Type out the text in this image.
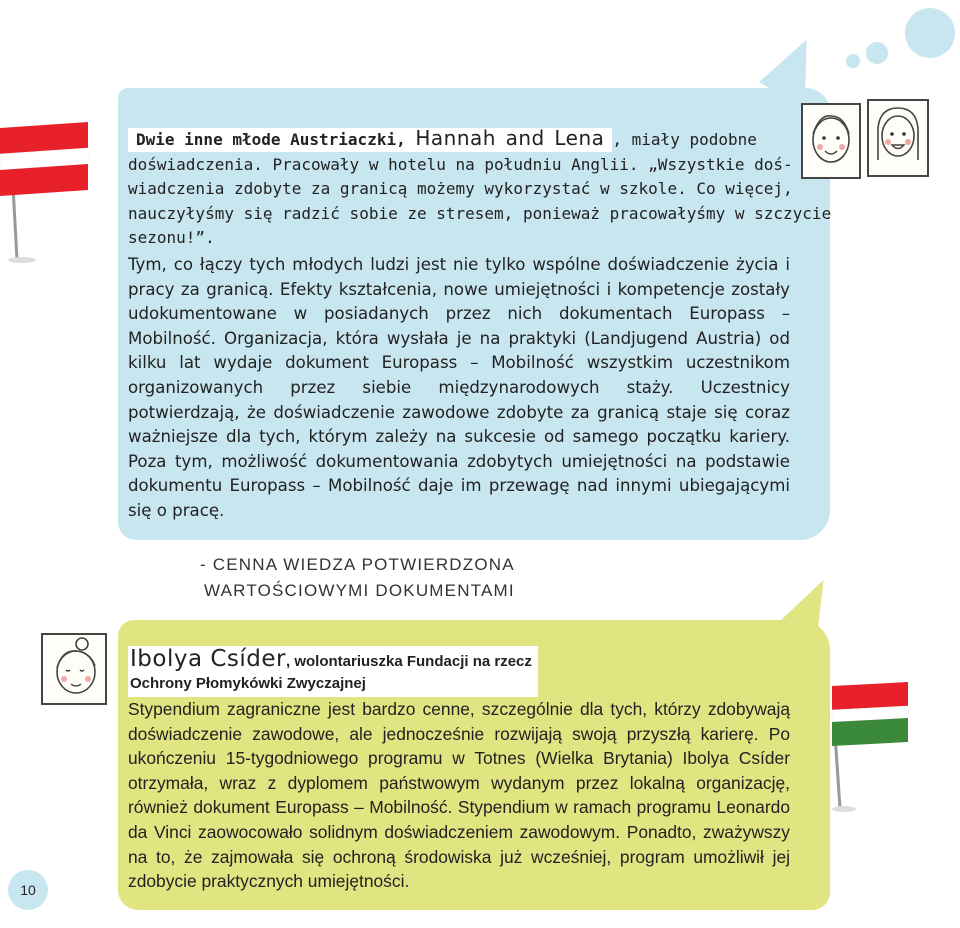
Dwie inne młode Austriaczki, Hannah and Lena , miały podobne
doświadczenia. Pracowały w hotelu na południu Anglii. „Wszystkie doś-
wiadczenia zdobyte za granicą możemy wykorzystać w szkole. Co więcej,
nauczyłyśmy się radzić sobie ze stresem, ponieważ pracowałyśmy w szczycie
sezonu!”.

Tym, co łączy tych młodych ludzi jest nie tylko wspólne doświadczenie życia i pracy za granicą. Efekty kształcenia, nowe umiejętności i kompetencje zostały udokumentowane w posiadanych przez nich dokumentach Europass – Mobilność. Organizacja, która wysłała je na praktyki (Landjugend Austria) od kilku lat wydaje dokument Europass – Mobilność wszystkim uczestnikom organizowanych przez siebie międzynarodowych staży. Uczestnicy potwierdzają, że doświadczenie zawodowe zdobyte za granicą staje się coraz ważniejsze dla tych, którym zależy na sukcesie od samego początku kariery. Poza tym, możliwość dokumentowania zdobytych umiejętności na podstawie dokumentu Europass – Mobilność daje im przewagę nad innymi ubiegającymi się o pracę.

- CENNA WIEDZA POTWIERDZONA
WARTOŚCIOWYMI DOKUMENTAMI
Ibolya Csíder, wolontariuszka Fundacji na rzecz
Ochrony Płomykówki Zwyczajnej

Stypendium zagraniczne jest bardzo cenne, szczególnie dla tych, którzy zdobywają doświadczenie zawodowe, ale jednocześnie rozwijają swoją przyszłą karierę. Po ukończeniu 15-tygodniowego programu w Totnes (Wielka Brytania) Ibolya Csíder otrzymała, wraz z dyplomem państwowym wydanym przez lokalną organizację, również dokument Europass – Mobilność. Stypendium w ramach programu Leonardo da Vinci zaowocowało solidnym doświadczeniem zawodowym. Ponadto, zważywszy na to, że zajmowała się ochroną środowiska już wcześniej, program umożliwił jej zdobycie praktycznych umiejętności.

10
